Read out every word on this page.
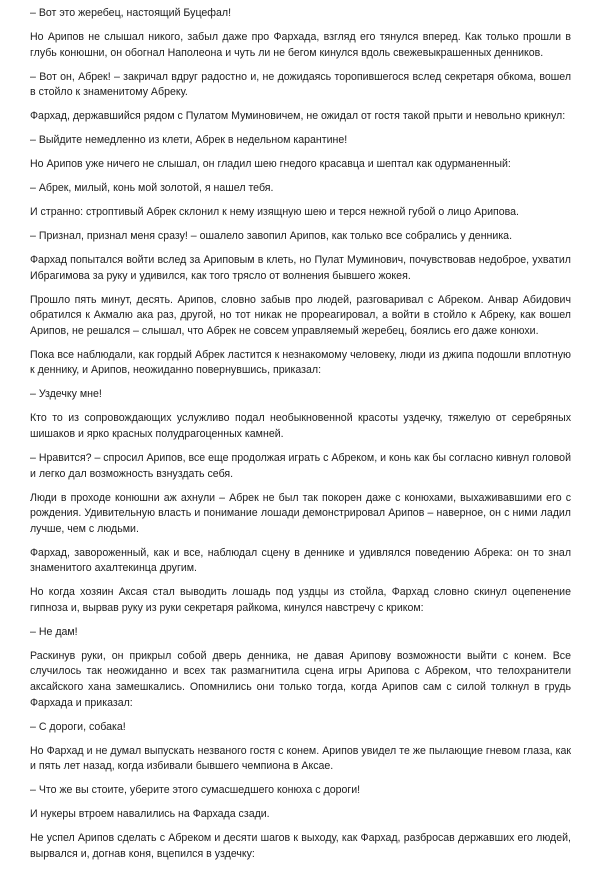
– Вот это жеребец, настоящий Буцефал!

Но Арипов не слышал никого, забыл даже про Фархада, взгляд его тянулся вперед. Как только прошли в глубь конюшни, он обогнал Наполеона и чуть ли не бегом кинулся вдоль свежевыкрашенных денников.

– Вот он, Абрек! – закричал вдруг радостно и, не дожидаясь торопившегося вслед секретаря обкома, вошел в стойло к знаменитому Абреку.

Фархад, державшийся рядом с Пулатом Муминовичем, не ожидал от гостя такой прыти и невольно крикнул:

– Выйдите немедленно из клети, Абрек в недельном карантине!

Но Арипов уже ничего не слышал, он гладил шею гнедого красавца и шептал как одурманенный:

– Абрек, милый, конь мой золотой, я нашел тебя.

И странно: строптивый Абрек склонил к нему изящную шею и терся нежной губой о лицо Арипова.

– Признал, признал меня сразу! – ошалело завопил Арипов, как только все собрались у денника.

Фархад попытался войти вслед за Ариповым в клеть, но Пулат Муминович, почувствовав недоброе, ухватил Ибрагимова за руку и удивился, как того трясло от волнения бывшего жокея.

Прошло пять минут, десять. Арипов, словно забыв про людей, разговаривал с Абреком. Анвар Абидович обратился к Акмалю ака раз, другой, но тот никак не прореагировал, а войти в стойло к Абреку, как вошел Арипов, не решался – слышал, что Абрек не совсем управляемый жеребец, боялись его даже конюхи.

Пока все наблюдали, как гордый Абрек ластится к незнакомому человеку, люди из джипа подошли вплотную к деннику, и Арипов, неожиданно повернувшись, приказал:

– Уздечку мне!

Кто то из сопровождающих услужливо подал необыкновенной красоты уздечку, тяжелую от серебряных шишаков и ярко красных полудрагоценных камней.

– Нравится? – спросил Арипов, все еще продолжая играть с Абреком, и конь как бы согласно кивнул головой и легко дал возможность взнуздать себя.

Люди в проходе конюшни аж ахнули – Абрек не был так покорен даже с конюхами, выхаживавшими его с рождения. Удивительную власть и понимание лошади демонстрировал Арипов – наверное, он с ними ладил лучше, чем с людьми.

Фархад, завороженный, как и все, наблюдал сцену в деннике и удивлялся поведению Абрека: он то знал знаменитого ахалтекинца другим.

Но когда хозяин Аксая стал выводить лошадь под уздцы из стойла, Фархад словно скинул оцепенение гипноза и, вырвав руку из руки секретаря райкома, кинулся навстречу с криком:

– Не дам!

Раскинув руки, он прикрыл собой дверь денника, не давая Арипову возможности выйти с конем. Все случилось так неожиданно и всех так размагнитила сцена игры Арипова с Абреком, что телохранители аксайского хана замешкались. Опомнились они только тогда, когда Арипов сам с силой толкнул в грудь Фархада и приказал:

– С дороги, собака!

Но Фархад и не думал выпускать незваного гостя с конем. Арипов увидел те же пылающие гневом глаза, как и пять лет назад, когда избивали бывшего чемпиона в Аксае.

– Что же вы стоите, уберите этого сумасшедшего конюха с дороги!

И нукеры втроем навалились на Фархада сзади.

Не успел Арипов сделать с Абреком и десяти шагов к выходу, как Фархад, разбросав державших его людей, вырвался и, догнав коня, вцепился в уздечку:
